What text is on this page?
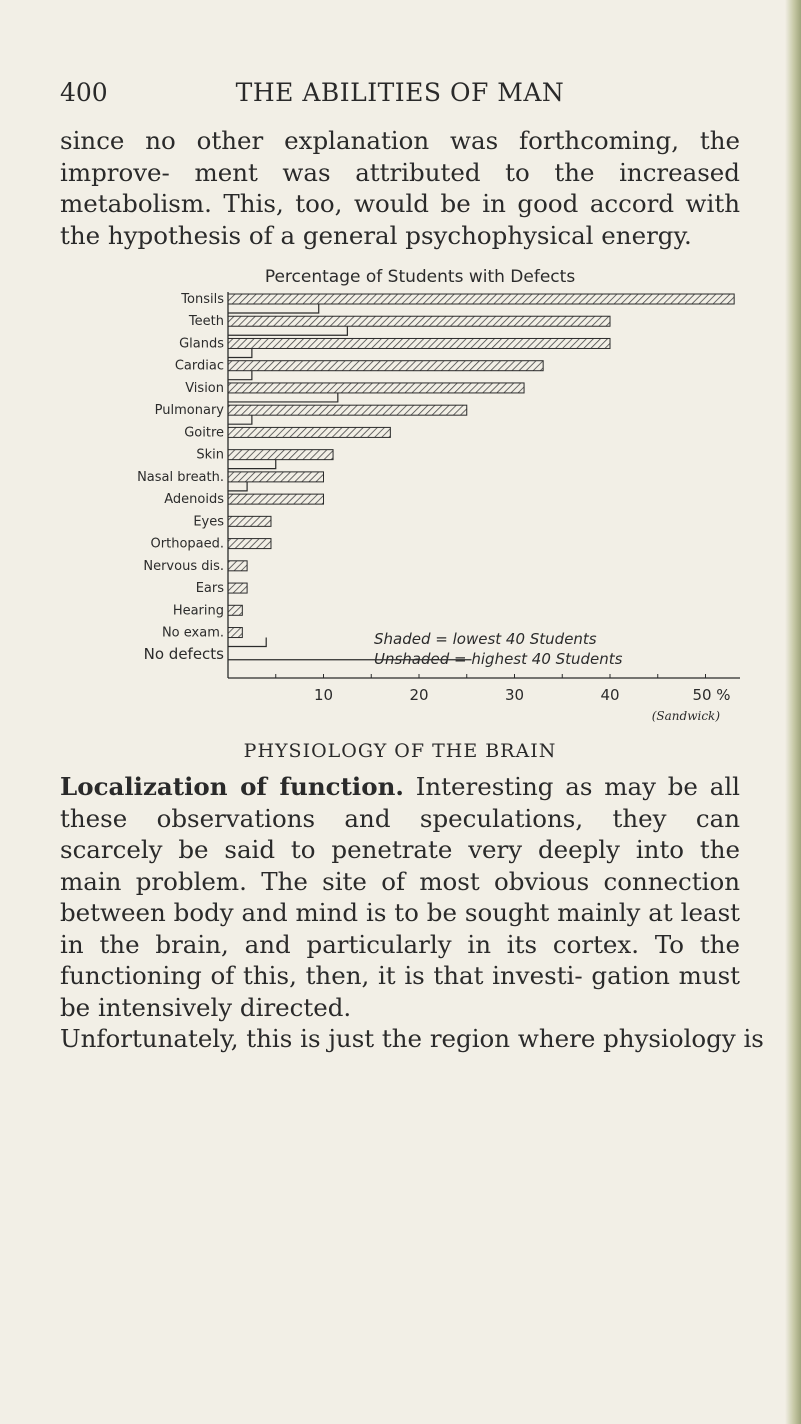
400	THE ABILITIES OF MAN

since no other explanation was forthcoming, the improve- ment was attributed to the increased metabolism. This, too, would be in good accord with the hypothesis of a general psychophysical energy.

Percentage of Students with Defects
Tonsils
Teeth
Glands
Cardiac
Vision
Pulmonary
Goitre
Skin
Nasal breath.
Adenoids
Eyes
Orthopaed.
Nervous dis.
Ears
Hearing
No exam.
No defects
10	20	30	40	50 %
Shaded = lowest 40 Students
Unshaded = highest 40 Students
(Sandwick)
PHYSIOLOGY OF THE BRAIN

Localization of function. Interesting as may be all these observations and speculations, they can scarcely be said to penetrate very deeply into the main problem. The site of most obvious connection between body and mind is to be sought mainly at least in the brain, and particularly in its cortex. To the functioning of this, then, it is that investi- gation must be intensively directed.
Unfortunately, this is just the region where physiology is
